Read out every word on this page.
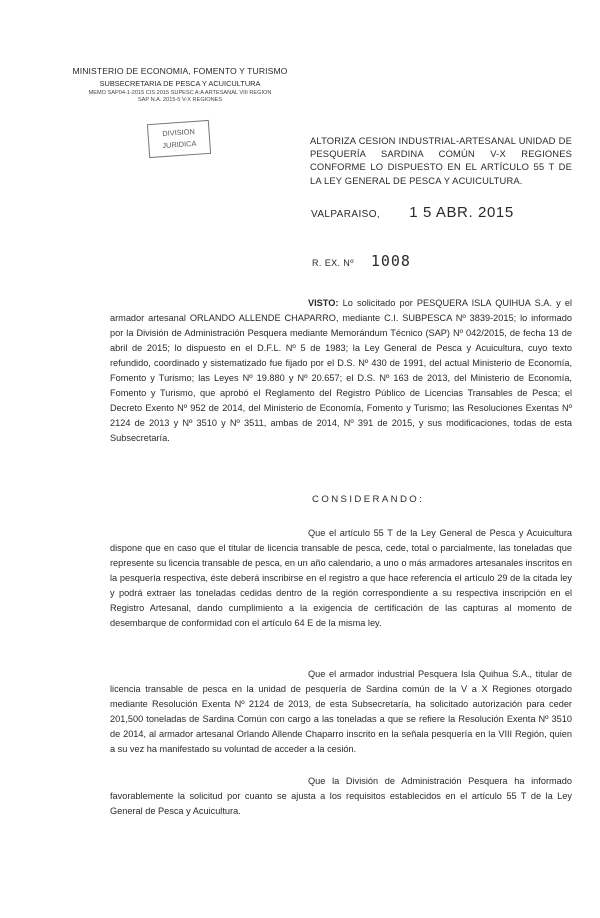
MINISTERIO DE ECONOMIA, FOMENTO Y TURISMO
SUBSECRETARIA DE PESCA Y ACUICULTURA
MEMO SAP04-1-2015 CIS 2015 SUPESC A:A ARTESANAL VIII REGION
SAP N.A. 2015-5 V-X REGIONES
DIVISION
JURIDICA	ALTORIZA CESION INDUSTRIAL-ARTESANAL UNIDAD DE PESQUERÍA SARDINA COMÚN V-X REGIONES CONFORME LO DISPUESTO EN EL ARTÍCULO 55 T DE LA LEY GENERAL DE PESCA Y ACUICULTURA.
VALPARAISO, 1 5 ABR. 2015
R. EX. Nº 1008
VISTO: Lo solicitado por PESQUERA ISLA QUIHUA S.A. y el armador artesanal ORLANDO ALLENDE CHAPARRO, mediante C.I. SUBPESCA Nº 3839-2015; lo informado por la División de Administración Pesquera mediante Memorándum Técnico (SAP) Nº 042/2015, de fecha 13 de abril de 2015; lo dispuesto en el D.F.L. Nº 5 de 1983; la Ley General de Pesca y Acuicultura, cuyo texto refundido, coordinado y sistematizado fue fijado por el D.S. Nº 430 de 1991, del actual Ministerio de Economía, Fomento y Turismo; las Leyes Nº 19.880 y Nº 20.657; el D.S. Nº 163 de 2013, del Ministerio de Economía, Fomento y Turismo, que aprobó el Reglamento del Registro Público de Licencias Transables de Pesca; el Decreto Exento Nº 952 de 2014, del Ministerio de Economía, Fomento y Turismo; las Resoluciones Exentas Nº 2124 de 2013 y Nº 3510 y Nº 3511, ambas de 2014, Nº 391 de 2015, y sus modificaciones, todas de esta Subsecretaría.
CONSIDERANDO:
Que el artículo 55 T de la Ley General de Pesca y Acuicultura dispone que en caso que el titular de licencia transable de pesca, cede, total o parcialmente, las toneladas que represente su licencia transable de pesca, en un año calendario, a uno o más armadores artesanales inscritos en la pesquería respectiva, éste deberá inscribirse en el registro a que hace referencia el artículo 29 de la citada ley y podrá extraer las toneladas cedidas dentro de la región correspondiente a su respectiva inscripción en el Registro Artesanal, dando cumplimiento a la exigencia de certificación de las capturas al momento de desembarque de conformidad con el artículo 64 E de la misma ley.
Que el armador industrial Pesquera Isla Quihua S.A., titular de licencia transable de pesca en la unidad de pesquería de Sardina común de la V a X Regiones otorgado mediante Resolución Exenta Nº 2124 de 2013, de esta Subsecretaría, ha solicitado autorización para ceder 201,500 toneladas de Sardina Común con cargo a las toneladas a que se refiere la Resolución Exenta Nº 3510 de 2014, al armador artesanal Orlando Allende Chaparro inscrito en la señala pesquería en la VIII Región, quien a su vez ha manifestado su voluntad de acceder a la cesión.
Que la División de Administración Pesquera ha informado favorablemente la solicitud por cuanto se ajusta a los requisitos establecidos en el artículo 55 T de la Ley General de Pesca y Acuicultura.
